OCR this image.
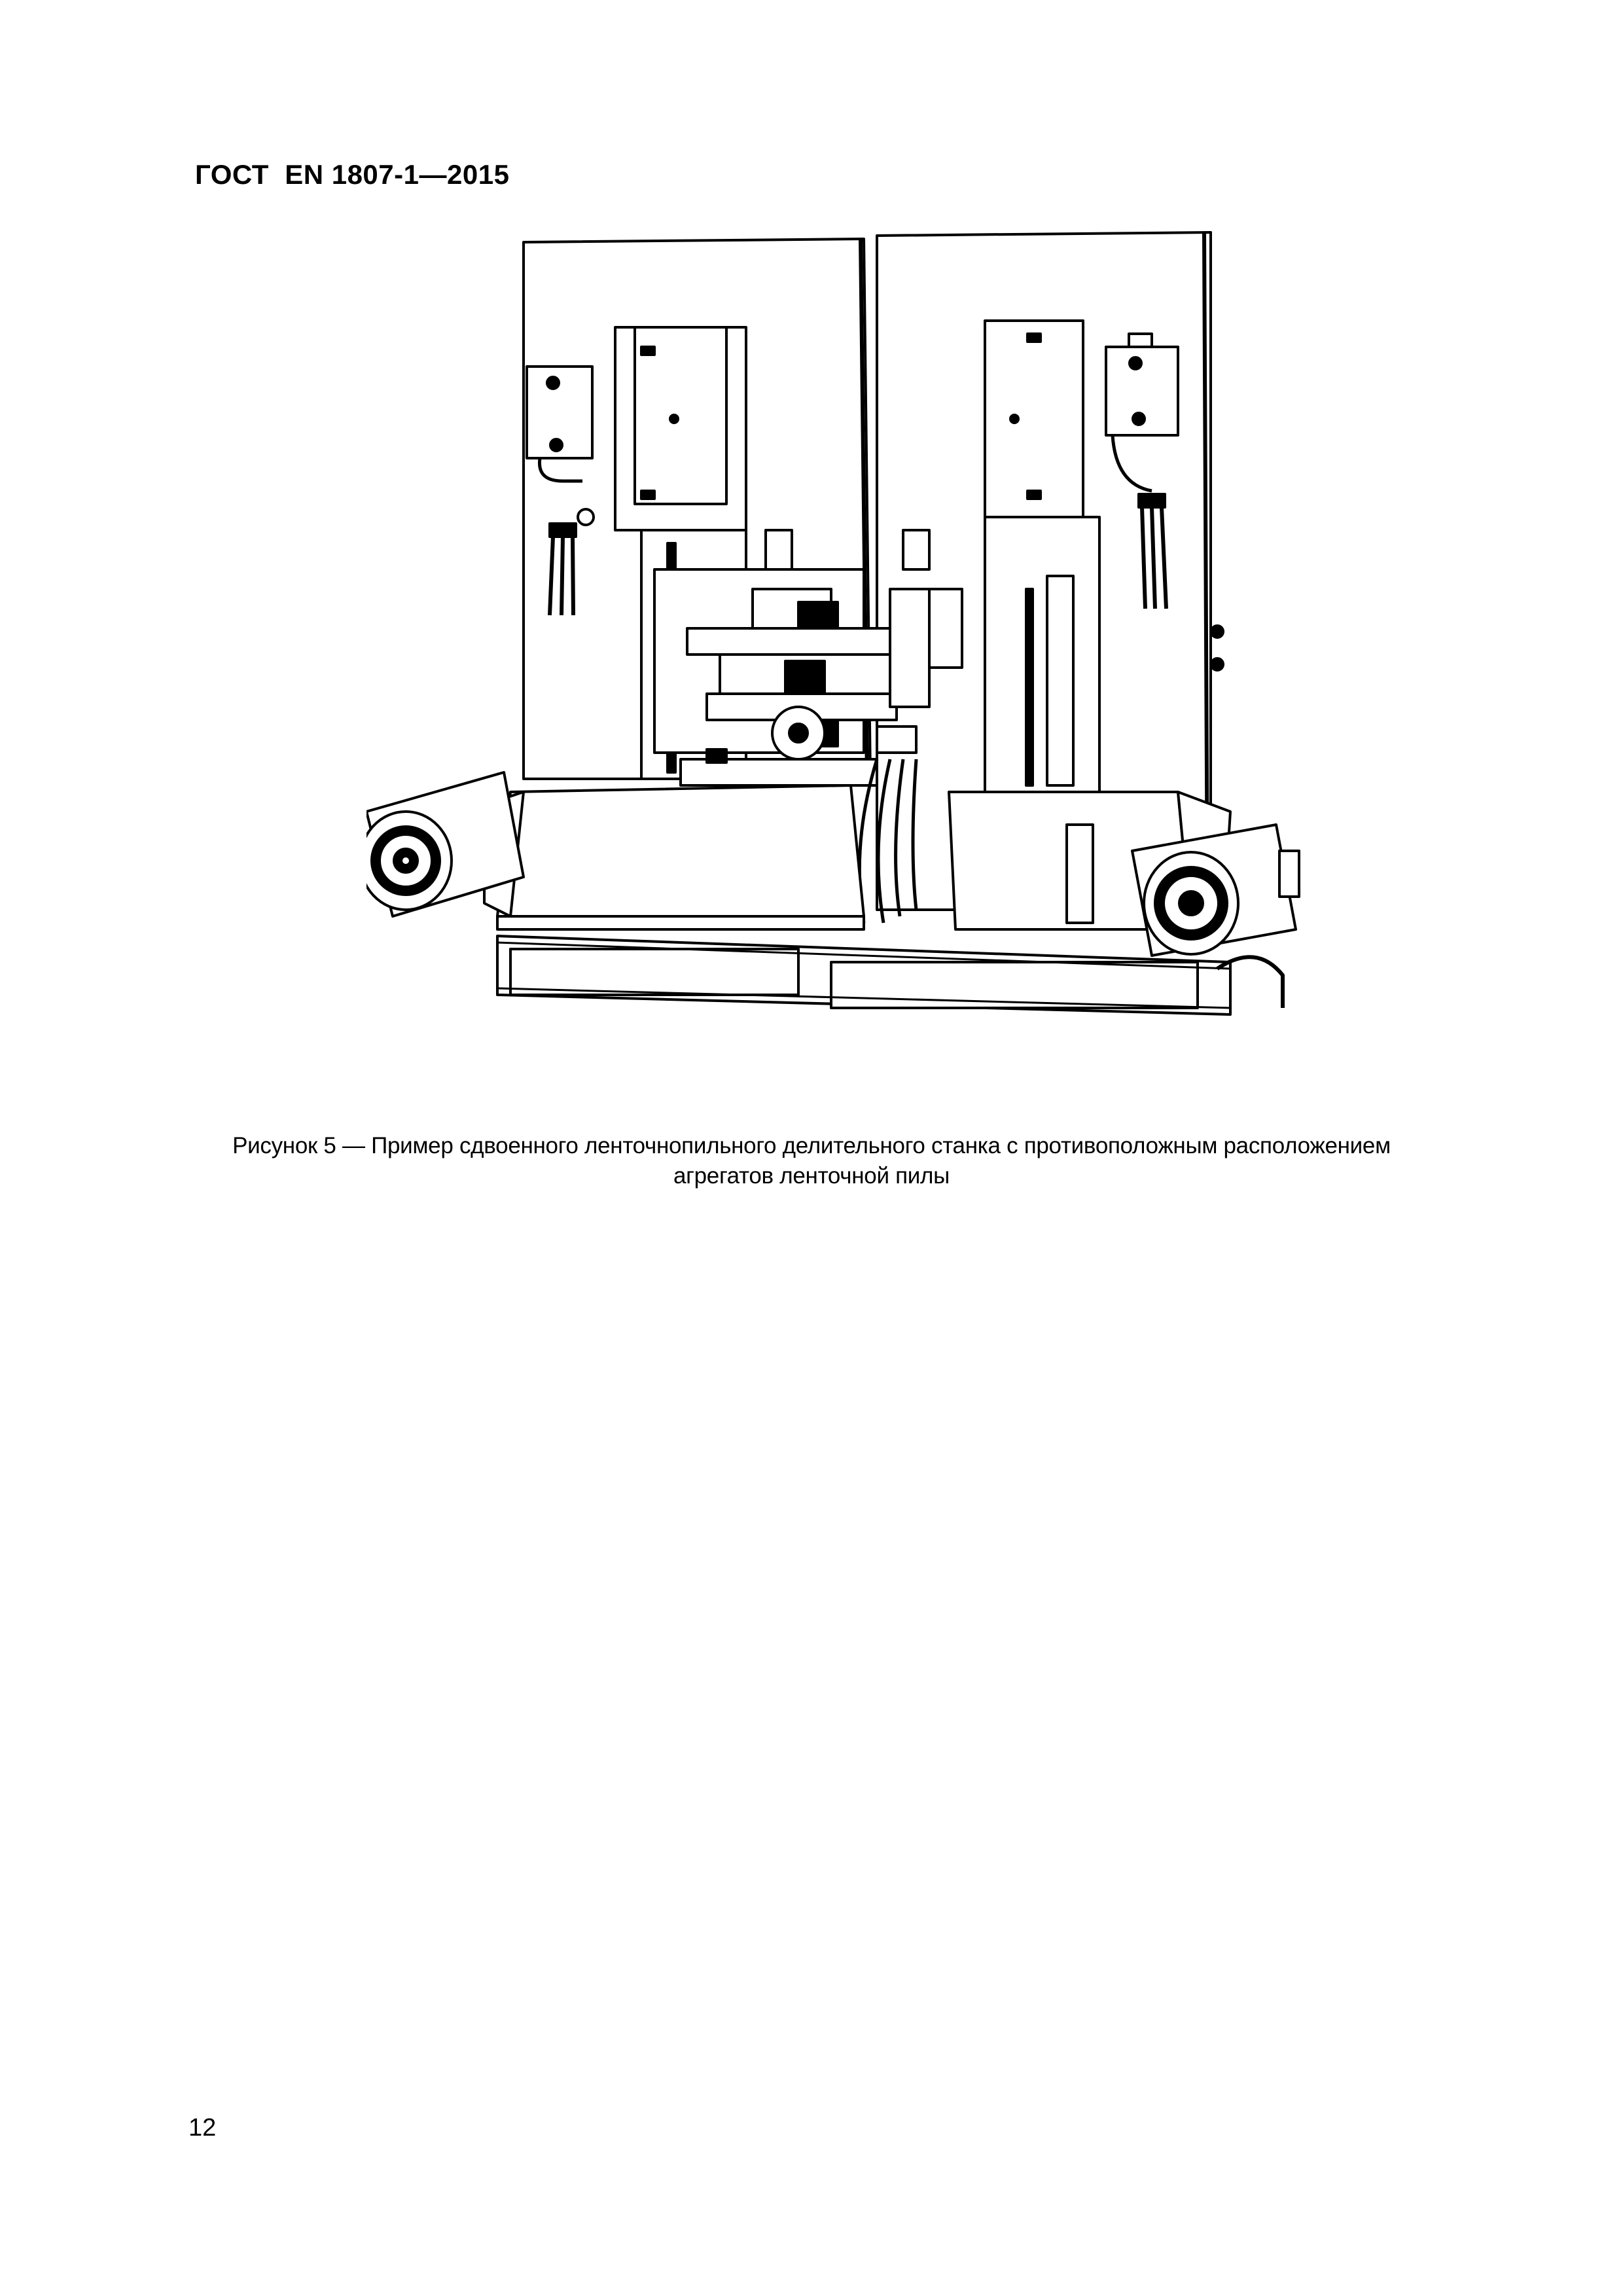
ГОСТ  EN 1807-1—2015
Рисунок 5 — Пример сдвоенного ленточнопильного делительного станка с противоположным расположением
агрегатов ленточной пилы
12
